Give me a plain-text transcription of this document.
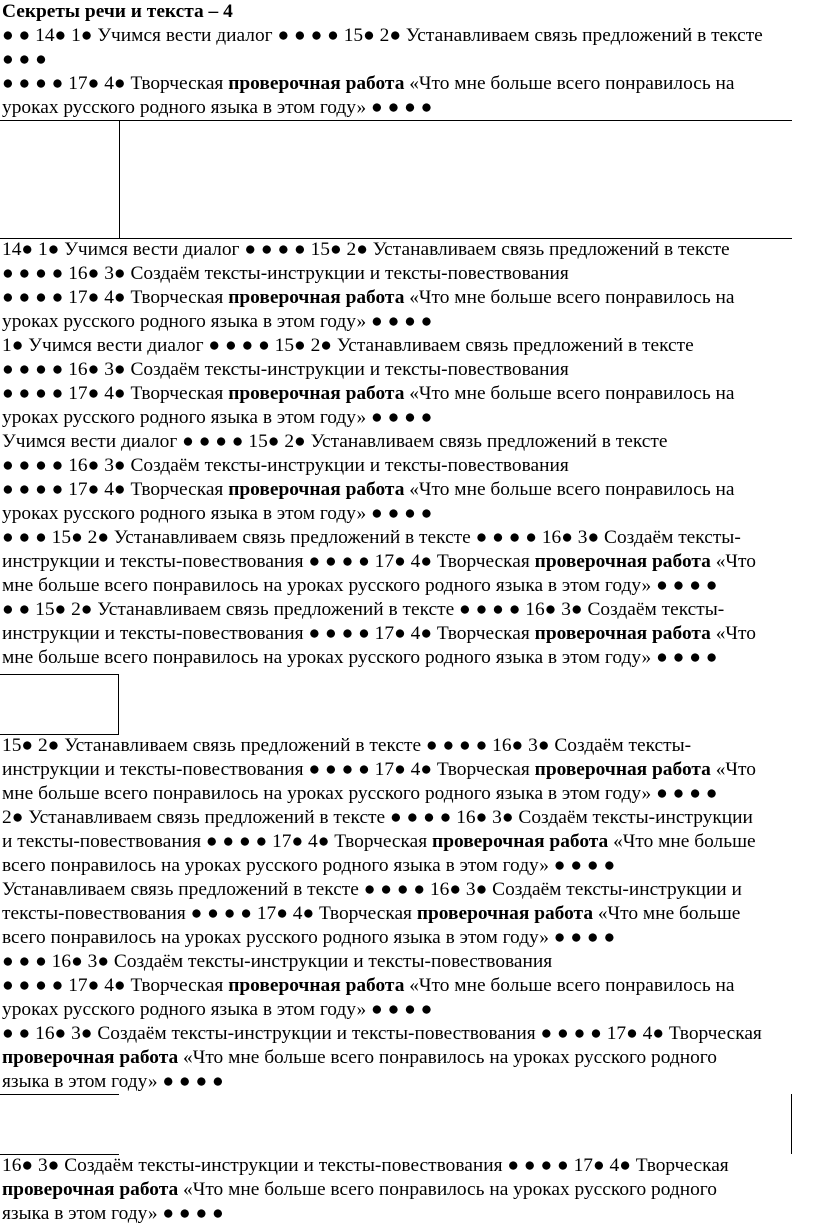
Секреты речи и текста – 4
● ● 14● 1● Учимся вести диалог ● ● ● ● 15● 2● Устанавливаем связь предложений в тексте
● ● ●
● ● ● ● 17● 4● Творческая проверочная работа «Что мне больше всего понравилось на
уроках русского родного языка в этом году» ● ● ● ●
14● 1● Учимся вести диалог ● ● ● ● 15● 2● Устанавливаем связь предложений в тексте
● ● ● ● 16● 3● Создаём тексты-инструкции и тексты-повествования
● ● ● ● 17● 4● Творческая проверочная работа «Что мне больше всего понравилось на
уроках русского родного языка в этом году» ● ● ● ●
1● Учимся вести диалог ● ● ● ● 15● 2● Устанавливаем связь предложений в тексте
● ● ● ● 16● 3● Создаём тексты-инструкции и тексты-повествования
● ● ● ● 17● 4● Творческая проверочная работа «Что мне больше всего понравилось на
уроках русского родного языка в этом году» ● ● ● ●
Учимся вести диалог ● ● ● ● 15● 2● Устанавливаем связь предложений в тексте
● ● ● ● 16● 3● Создаём тексты-инструкции и тексты-повествования
● ● ● ● 17● 4● Творческая проверочная работа «Что мне больше всего понравилось на
уроках русского родного языка в этом году» ● ● ● ●
● ● ● 15● 2● Устанавливаем связь предложений в тексте ● ● ● ● 16● 3● Создаём тексты-
инструкции и тексты-повествования ● ● ● ● 17● 4● Творческая проверочная работа «Что
мне больше всего понравилось на уроках русского родного языка в этом году» ● ● ● ●
● ● 15● 2● Устанавливаем связь предложений в тексте ● ● ● ● 16● 3● Создаём тексты-
инструкции и тексты-повествования ● ● ● ● 17● 4● Творческая проверочная работа «Что
мне больше всего понравилось на уроках русского родного языка в этом году» ● ● ● ●
15● 2● Устанавливаем связь предложений в тексте ● ● ● ● 16● 3● Создаём тексты-
инструкции и тексты-повествования ● ● ● ● 17● 4● Творческая проверочная работа «Что
мне больше всего понравилось на уроках русского родного языка в этом году» ● ● ● ●
2● Устанавливаем связь предложений в тексте ● ● ● ● 16● 3● Создаём тексты-инструкции
и тексты-повествования ● ● ● ● 17● 4● Творческая проверочная работа «Что мне больше
всего понравилось на уроках русского родного языка в этом году» ● ● ● ●
Устанавливаем связь предложений в тексте ● ● ● ● 16● 3● Создаём тексты-инструкции и
тексты-повествования ● ● ● ● 17● 4● Творческая проверочная работа «Что мне больше
всего понравилось на уроках русского родного языка в этом году» ● ● ● ●
● ● ● 16● 3● Создаём тексты-инструкции и тексты-повествования
● ● ● ● 17● 4● Творческая проверочная работа «Что мне больше всего понравилось на
уроках русского родного языка в этом году» ● ● ● ●
● ● 16● 3● Создаём тексты-инструкции и тексты-повествования ● ● ● ● 17● 4● Творческая
проверочная работа «Что мне больше всего понравилось на уроках русского родного
языка в этом году» ● ● ● ●
16● 3● Создаём тексты-инструкции и тексты-повествования ● ● ● ● 17● 4● Творческая
проверочная работа «Что мне больше всего понравилось на уроках русского родного
языка в этом году» ● ● ● ●
